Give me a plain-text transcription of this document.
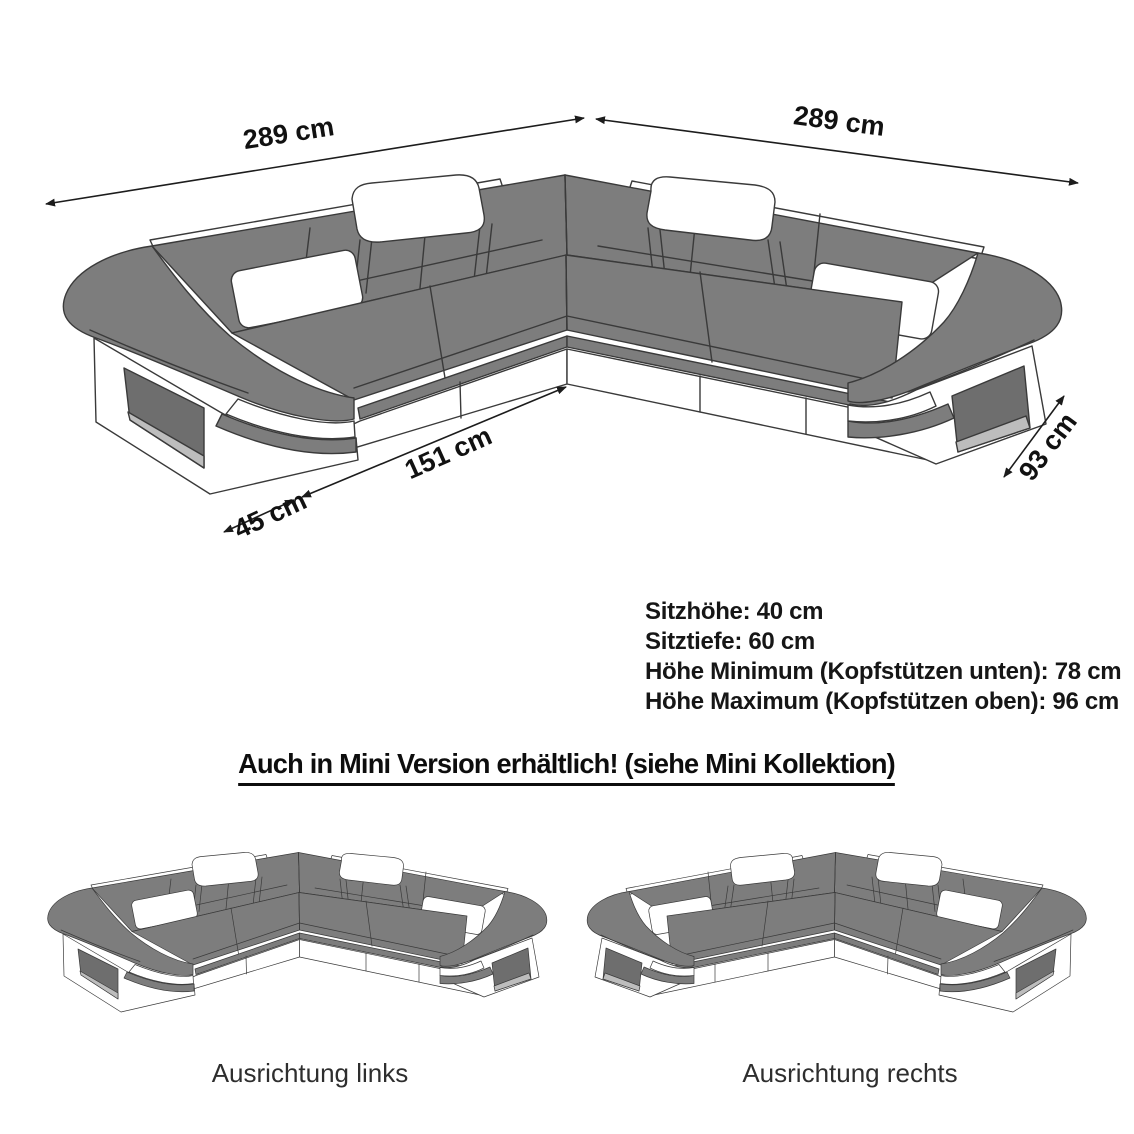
289 cm	289 cm
151 cm
45 cm
93 cm
Sitzhöhe: 40 cm
Sitztiefe: 60 cm
Höhe Minimum (Kopfstützen unten): 78 cm
Höhe Maximum (Kopfstützen oben): 96 cm
Auch in Mini Version erhältlich! (siehe Mini Kollektion)
Ausrichtung links	Ausrichtung rechts
